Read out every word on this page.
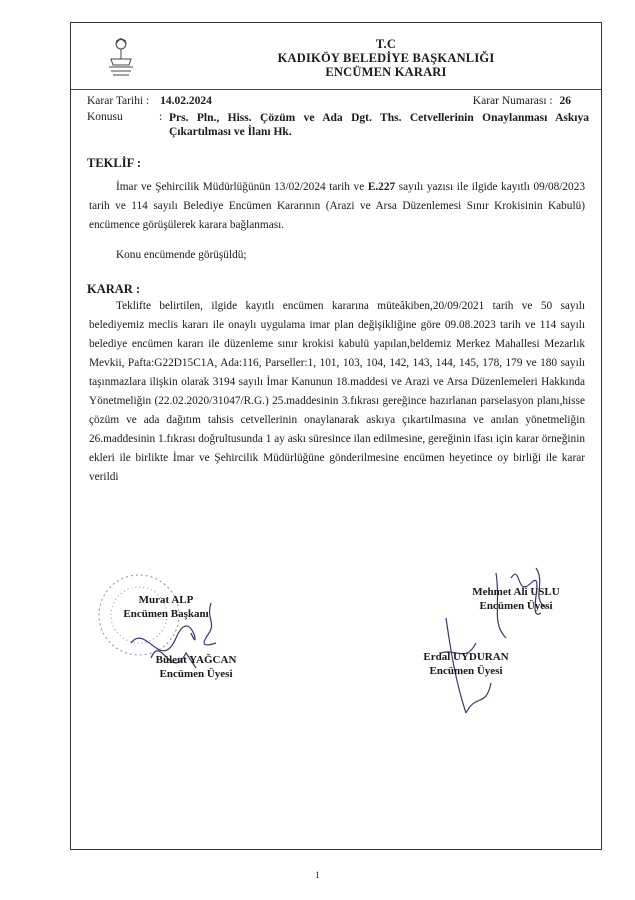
T.C
KADIKÖY BELEDİYE BAŞKANLIĞI
ENCÜMEN KARARI
Karar Tarihi : 14.02.2024	Karar Numarası : 26
Konusu	: Prs. Pln., Hiss. Çözüm ve Ada Dgt. Ths. Cetvellerinin Onaylanması Askıya
Çıkartılması ve İlanı Hk.
TEKLİF :
İmar ve Şehircilik Müdürlüğünün 13/02/2024 tarih ve E.227 sayılı yazısı ile ilgide kayıtlı 09/08/2023 tarih ve 114 sayılı Belediye Encümen Kararının (Arazi ve Arsa Düzenlemesi Sınır Krokisinin Kabulü) encümence görüşülerek karara bağlanması.
Konu encümende görüşüldü;
KARAR :
Teklifte belirtilen, ilgide kayıtlı encümen kararına müteâkiben,20/09/2021 tarih ve 50 sayılı belediyemiz meclis kararı ile onaylı uygulama imar plan değişikliğine göre 09.08.2023 tarih ve 114 sayılı belediye encümen kararı ile düzenleme sınır krokisi kabulü yapılan,beldemiz Merkez Mahallesi Mezarlık Mevkii, Pafta:G22D15C1A, Ada:116, Parseller:1, 101, 103, 104, 142, 143, 144, 145, 178, 179 ve 180 sayılı taşınmazlara ilişkin olarak 3194 sayılı İmar Kanunun 18.maddesi ve Arazi ve Arsa Düzenlemeleri Hakkında Yönetmeliğin (22.02.2020/31047/R.G.) 25.maddesinin 3.fıkrası gereğince hazırlanan parselasyon planı,hisse çözüm ve ada dağıtım tahsis cetvellerinin onaylanarak askıya çıkartılmasına ve anılan yönetmeliğin 26.maddesinin 1.fıkrası doğrultusunda 1 ay askı süresince ilan edilmesine, gereğinin ifası için karar örneğinin ekleri ile birlikte İmar ve Şehircilik Müdürlüğüne gönderilmesine encümen heyetince oy birliği ile karar verildi
Murat ALP
Encümen Başkanı
Mehmet Ali USLU
Encümen Üyesi
Bülent YAĞCAN
Encümen Üyesi
Erdal UYDURAN
Encümen Üyesi
1
